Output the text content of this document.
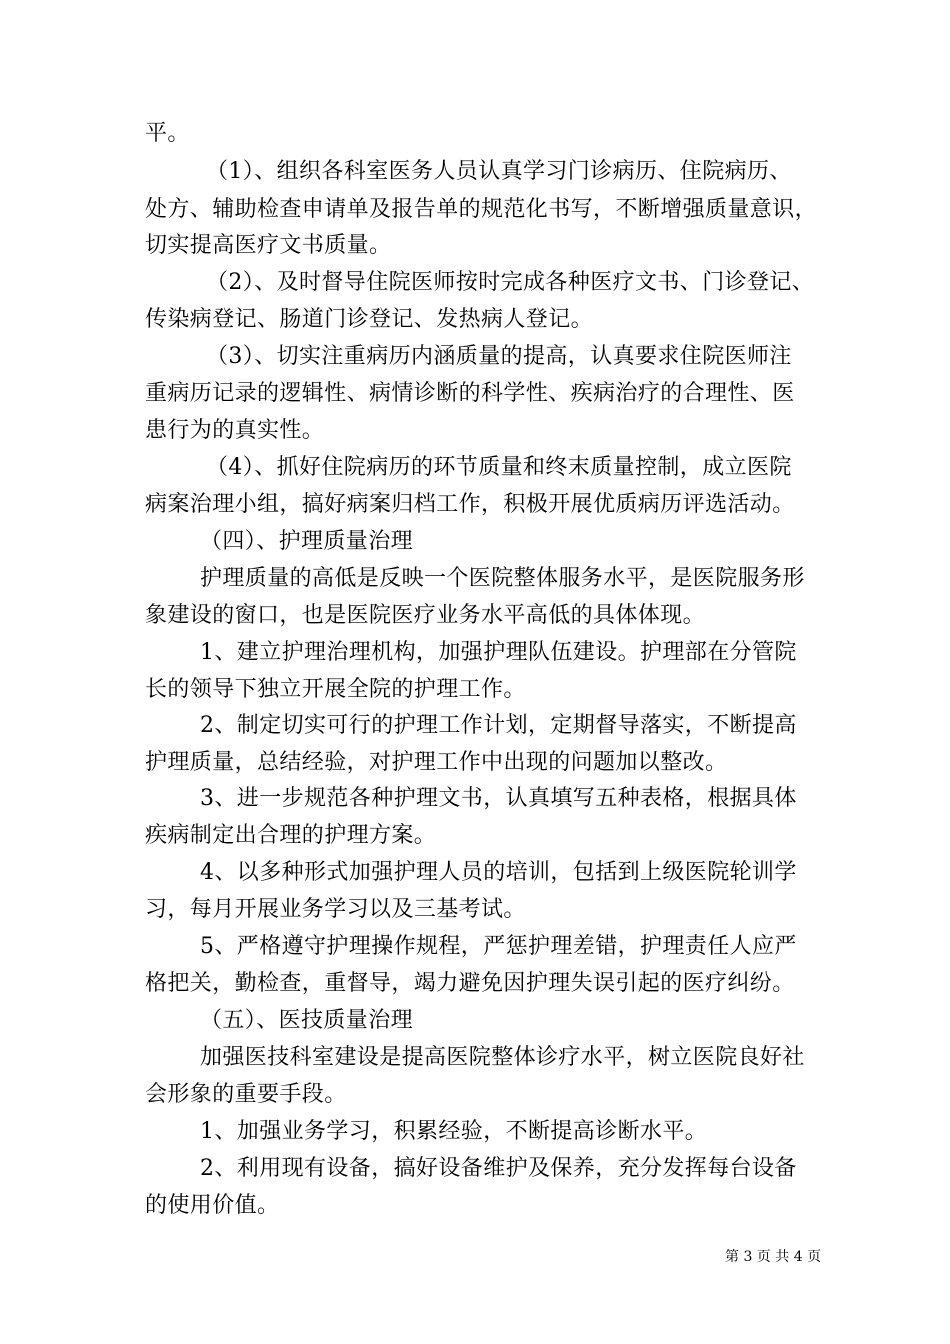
平。
（1）、组织各科室医务人员认真学习门诊病历、住院病历、
处方、辅助检查申请单及报告单的规范化书写，不断增强质量意识，
切实提高医疗文书质量。
（2）、及时督导住院医师按时完成各种医疗文书、门诊登记、
传染病登记、肠道门诊登记、发热病人登记。
（3）、切实注重病历内涵质量的提高，认真要求住院医师注
重病历记录的逻辑性、病情诊断的科学性、疾病治疗的合理性、医
患行为的真实性。
（4）、抓好住院病历的环节质量和终末质量控制，成立医院
病案治理小组，搞好病案归档工作，积极开展优质病历评选活动。
（四）、护理质量治理
护理质量的高低是反映一个医院整体服务水平，是医院服务形
象建设的窗口，也是医院医疗业务水平高低的具体体现。
1、建立护理治理机构，加强护理队伍建设。护理部在分管院
长的领导下独立开展全院的护理工作。
2、制定切实可行的护理工作计划，定期督导落实，不断提高
护理质量，总结经验，对护理工作中出现的问题加以整改。
3、进一步规范各种护理文书，认真填写五种表格，根据具体
疾病制定出合理的护理方案。
4、以多种形式加强护理人员的培训，包括到上级医院轮训学
习，每月开展业务学习以及三基考试。
5、严格遵守护理操作规程，严惩护理差错，护理责任人应严
格把关，勤检查，重督导，竭力避免因护理失误引起的医疗纠纷。
（五）、医技质量治理
加强医技科室建设是提高医院整体诊疗水平，树立医院良好社
会形象的重要手段。
1、加强业务学习，积累经验，不断提高诊断水平。
2、利用现有设备，搞好设备维护及保养，充分发挥每台设备
的使用价值。
第 3 页 共 4 页
